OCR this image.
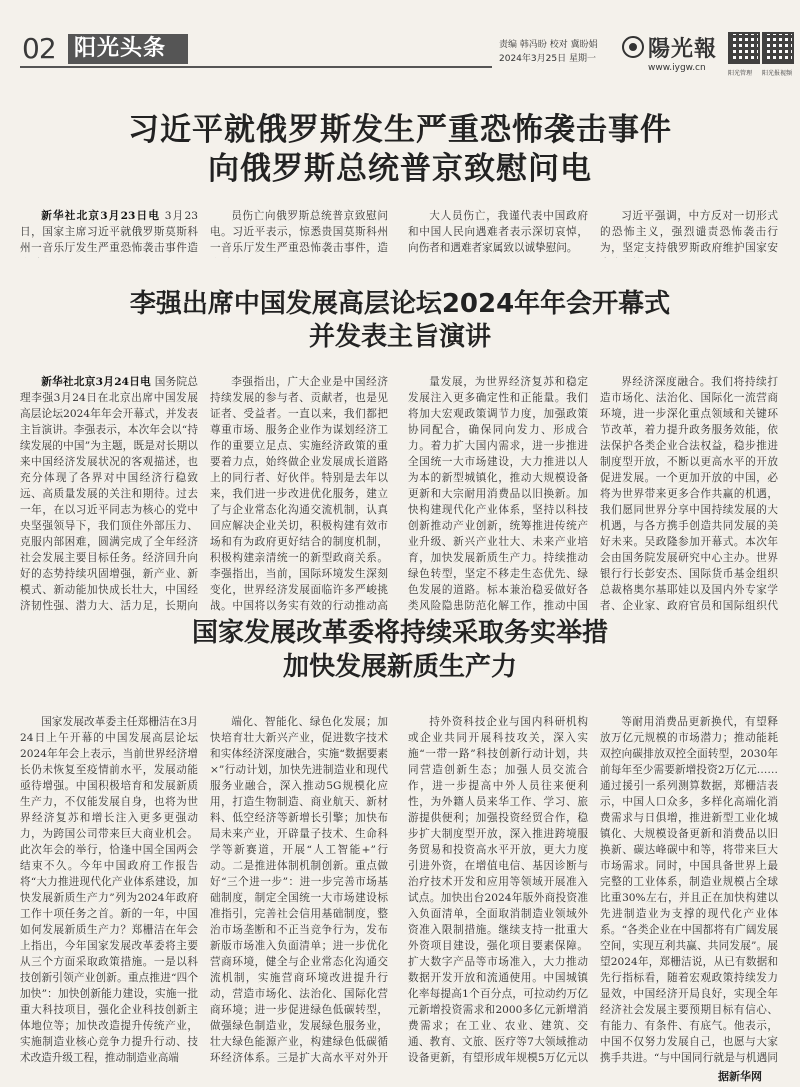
02 阳光头条	责编 韩冯盼 校对 冀盼娟
2024年3月25日 星期一	陽光報
www.iygw.cn
阳光管理 阳光报视频
习近平就俄罗斯发生严重恐怖袭击事件
向俄罗斯总统普京致慰问电
新华社北京3月23日电 3月23日，国家主席习近平就俄罗斯莫斯科州一音乐厅发生严重恐怖袭击事件造
员伤亡向俄罗斯总统普京致慰问电。习近平表示，惊悉贵国莫斯科州一音乐厅发生严重恐怖袭击事件，造
大人员伤亡，我谨代表中国政府和中国人民向遇难者表示深切哀悼，向伤者和遇难者家属致以诚挚慰问。
习近平强调，中方反对一切形式的恐怖主义，强烈谴责恐怖袭击行为，坚定支持俄罗斯政府维护国家安
李强出席中国发展高层论坛2024年年会开幕式
并发表主旨演讲
新华社北京3月24日电 国务院总理李强3月24日在北京出席中国发展高层论坛2024年年会开幕式，并发表主旨演讲。李强表示，本次年会以“持续发展的中国”为主题，既是对长期以来中国经济发展状况的客观描述，也充分体现了各界对中国经济行稳致远、高质量发展的关注和期待。过去一年，在以习近平同志为核心的党中央坚强领导下，我们顶住外部压力、克服内部困难，圆满完成了全年经济社会发展主要目标任务。经济回升向好的态势持续巩固增强，新产业、新模式、新动能加快成长壮大，中国经济韧性强、潜力大、活力足，长期向
李强指出，广大企业是中国经济持续发展的参与者、贡献者，也是见证者、受益者。一直以来，我们都把尊重市场、服务企业作为谋划经济工作的重要立足点、实施经济政策的重要着力点，始终做企业发展成长道路上的同行者、好伙伴。特别是去年以来，我们进一步改进优化服务，建立了与企业常态化沟通交流机制，认真回应解决企业关切，积极构建有效市场和有为政府更好结合的制度机制，积极构建亲清统一的新型政商关系。李强指出，当前，国际环境发生深刻变化，世界经济发展面临许多严峻挑战。中国将以务实有效的行动推动高
量发展，为世界经济复苏和稳定发展注入更多确定性和正能量。我们将加大宏观政策调节力度，加强政策协同配合，确保同向发力、形成合力。着力扩大国内需求，进一步推进全国统一大市场建设，大力推进以人为本的新型城镇化，推动大规模设备更新和大宗耐用消费品以旧换新。加快构建现代化产业体系，坚持以科技创新推动产业创新，统筹推进传统产业升级、新兴产业壮大、未来产业培育，加快发展新质生产力。持续推动绿色转型，坚定不移走生态优先、绿色发展的道路。标本兼治稳妥做好各类风险隐患防范化解工作，推动中国
界经济深度融合。我们将持续打造市场化、法治化、国际化一流营商环境，进一步深化重点领域和关键环节改革，着力提升政务服务效能，依法保护各类企业合法权益，稳步推进制度型开放，不断以更高水平的开放促进发展。一个更加开放的中国，必将为世界带来更多合作共赢的机遇，我们愿同世界分享中国持续发展的大机遇，与各方携手创造共同发展的美好未来。吴政隆参加开幕式。本次年会由国务院发展研究中心主办。世界银行行长彭安杰、国际货币基金组织总裁格奥尔基耶娃以及国内外专家学者、企业家、政府官员和国际组织代
国家发展改革委将持续采取务实举措
加快发展新质生产力
国家发展改革委主任郑栅洁在3月24日上午开幕的中国发展高层论坛2024年年会上表示，当前世界经济增长仍未恢复至疫情前水平，发展动能亟待增强。中国积极培育和发展新质生产力，不仅能发展自身，也将为世界经济复苏和增长注入更多更强动力，为跨国公司带来巨大商业机会。此次年会的举行，恰逢中国全国两会结束不久。今年中国政府工作报告将“大力推进现代化产业体系建设，加快发展新质生产力”列为2024年政府工作十项任务之首。新的一年，中国如何发展新质生产力？郑栅洁在年会上指出，今年国家发展改革委将主要从三个方面采取政策措施。一是以科技创新引领产业创新。重点推进“四个加快”：加快创新能力建设，实施一批重大科技项目，强化企业科技创新主体地位等；加快改造提升传统产业，实施制造业核心竞争力提升行动、技术改造升级工程，推动制造业高端
端化、智能化、绿色化发展；加快培育壮大新兴产业，促进数字技术和实体经济深度融合，实施“数据要素×”行动计划，加快先进制造业和现代服务业融合，深入推动5G规模化应用，打造生物制造、商业航天、新材料、低空经济等新增长引擎；加快布局未来产业，开辟量子技术、生命科学等新赛道，开展“人工智能+”行动。二是推进体制机制创新。重点做好“三个进一步”：进一步完善市场基础制度，制定全国统一大市场建设标准指引，完善社会信用基础制度，整治市场垄断和不正当竞争行为，发布新版市场准入负面清单；进一步优化营商环境，健全与企业常态化沟通交流机制，实施营商环境改进提升行动，营造市场化、法治化、国际化营商环境；进一步促进绿色低碳转型，做强绿色制造业，发展绿色服务业，壮大绿色能源产业，构建绿色低碳循环经济体系。三是扩大高水平对外开
持外资科技企业与国内科研机构或企业共同开展科技攻关，深入实施“一带一路”科技创新行动计划，共同营造创新生态；加强人员交流合作，进一步提高中外人员往来便利性，为外籍人员来华工作、学习、旅游提供便利；加强投资经贸合作，稳步扩大制度型开放，深入推进跨境服务贸易和投资高水平开放，更大力度引进外资，在增值电信、基因诊断与治疗技术开发和应用等领域开展准入试点。加快出台2024年版外商投资准入负面清单，全面取消制造业领域外资准入限制措施。继续支持一批重大外资项目建设，强化项目要素保障。扩大数字产品等市场准入，大力推动数据开发开放和流通使用。中国城镇化率每提高1个百分点，可拉动约万亿元新增投资需求和2000多亿元新增消费需求；在工业、农业、建筑、交通、教育、文旅、医疗等7大领域推动设备更新，有望形成年规模5万亿元以
等耐用消费品更新换代，有望释放万亿元规模的市场潜力；推动能耗双控向碳排放双控全面转型，2030年前每年至少需要新增投资2万亿元……通过援引一系列测算数据，郑栅洁表示，中国人口众多，多样化高端化消费需求与日俱增，推进新型工业化城镇化、大规模设备更新和消费品以旧换新、碳达峰碳中和等，将带来巨大市场需求。同时，中国具备世界上最完整的工业体系，制造业规模占全球比重30%左右，并且正在加快构建以先进制造业为支撑的现代化产业体系。“各类企业在中国都将有广阔发展空间，实现互利共赢、共同发展”。展望2024年，郑栅洁说，从已有数据和先行指标看，随着宏观政策持续发力显效，中国经济开局良好，实现全年经济社会发展主要预期目标有信心、有能力、有条件、有底气。他表示，中国不仅努力发展自己，也愿与大家携手共进。“与中国同行就是与机遇同
据新华网
